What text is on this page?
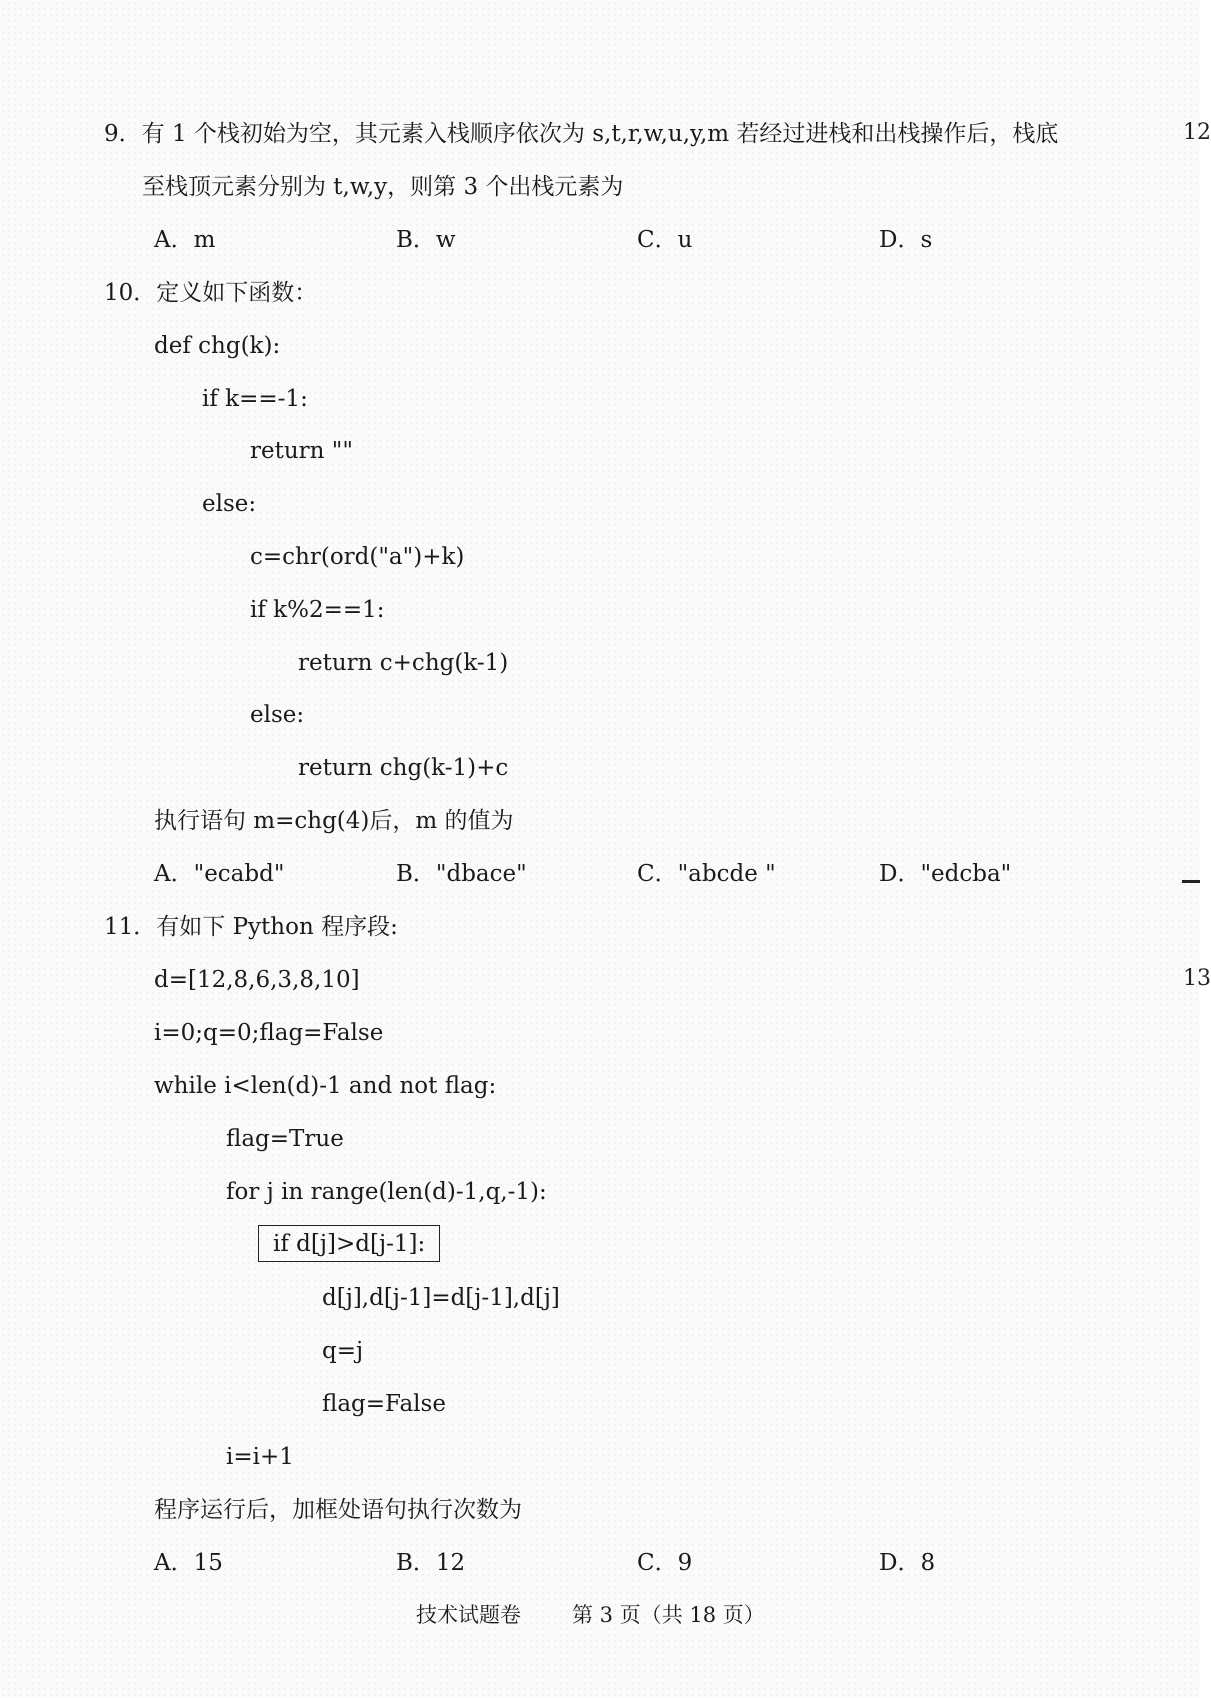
9．有 1 个栈初始为空，其元素入栈顺序依次为 s,t,r,w,u,y,m 若经过进栈和出栈操作后，栈底
至栈顶元素分别为 t,w,y，则第 3 个出栈元素为
A．m	B．w	C．u	D．s
10．定义如下函数：
def chg(k):
if k==-1:
return ""
else:
c=chr(ord("a")+k)
if k%2==1:
return c+chg(k-1)
else:
return chg(k-1)+c
执行语句 m=chg(4)后，m 的值为
A．"ecabd"	B．"dbace"	C．"abcde "	D．"edcba"
11．有如下 Python 程序段:
d=[12,8,6,3,8,10]
i=0;q=0;flag=False
while i<len(d)-1 and not flag:
flag=True
for j in range(len(d)-1,q,-1):
if d[j]>d[j-1]:
d[j],d[j-1]=d[j-1],d[j]
q=j
flag=False
i=i+1
程序运行后，加框处语句执行次数为
A．15	B．12	C．9	D．8
12
13
技术试题卷 第 3 页（共 18 页）
